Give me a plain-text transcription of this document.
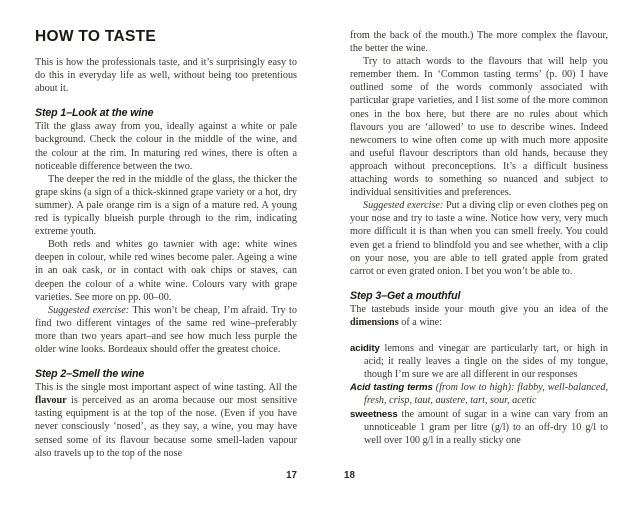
HOW TO TASTE

This is how the professionals taste, and it’s surprisingly easy to do this in everyday life as well, without being too pretentious about it.

Step 1–Look at the wine

Tilt the glass away from you, ideally against a white or pale background. Check the colour in the middle of the wine, and the colour at the rim. In maturing red wines, there is often a noticeable difference between the two.

The deeper the red in the middle of the glass, the thicker the grape skins (a sign of a thick-skinned grape variety or a hot, dry summer). A pale orange rim is a sign of a mature red. A young red is typically blueish purple through to the rim, indicating extreme youth.

Both reds and whites go tawnier with age: white wines deepen in colour, while red wines become paler. Ageing a wine in an oak cask, or in contact with oak chips or staves, can deepen the colour of a white wine. Colours vary with grape varieties. See more on pp. 00–00.

Suggested exercise: This won’t be cheap, I’m afraid. Try to find two different vintages of the same red wine–preferably more than two years apart–and see how much less purple the older wine looks. Bordeaux should offer the greatest choice.

Step 2–Smell the wine

This is the single most important aspect of wine tasting. All the flavour is perceived as an aroma because our most sensitive tasting equipment is at the top of the nose. (Even if you have never consciously ‘nosed’, as they say, a wine, you may have sensed some of its flavour because some smell-laden vapour also travels up to the top of the nose

from the back of the mouth.) The more complex the flavour, the better the wine.

Try to attach words to the flavours that will help you remember them. In ‘Common tasting terms’ (p. 00) I have outlined some of the words commonly associated with particular grape varieties, and I list some of the more common ones in the box here, but there are no rules about which flavours you are ‘allowed’ to use to describe wines. Indeed newcomers to wine often come up with much more apposite and useful flavour descriptors than old hands, because they approach without preconceptions. It’s a difficult business attaching words to something so nuanced and subject to individual sensitivities and preferences.

Suggested exercise: Put a diving clip or even clothes peg on your nose and try to taste a wine. Notice how very, very much more difficult it is than when you can smell freely. You could even get a friend to blindfold you and see whether, with a clip on your nose, you are able to tell grated apple from grated carrot or even grated onion. I bet you won’t be able to.

Step 3–Get a mouthful

The tastebuds inside your mouth give you an idea of the dimensions of a wine:

acidity lemons and vinegar are particularly tart, or high in acid; it really leaves a tingle on the sides of my tongue, though I’m sure we are all different in our responses

Acid tasting terms (from low to high): flabby, well-balanced, fresh, crisp, taut, austere, tart, sour, acetic

sweetness the amount of sugar in a wine can vary from an unnoticeable 1 gram per litre (g/l) to an off-dry 10 g/l to well over 100 g/l in a really sticky one

17	18
